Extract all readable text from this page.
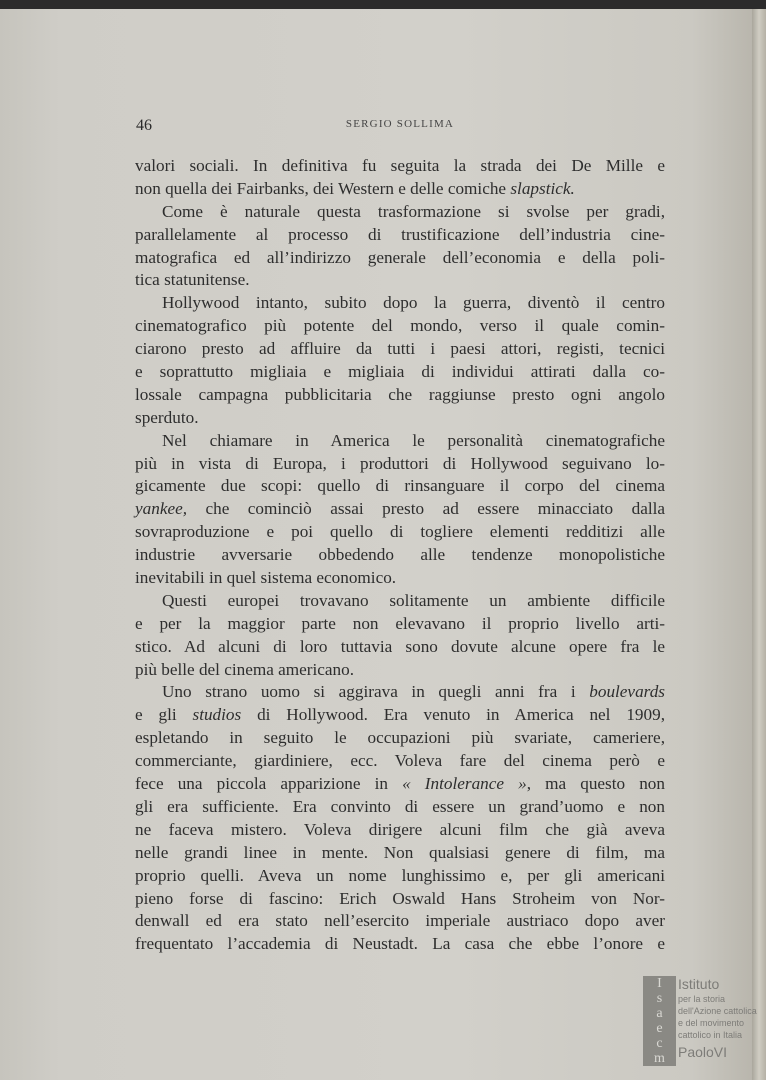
46	SERGIO SOLLIMA
valori sociali. In definitiva fu seguita la strada dei De Mille e
non quella dei Fairbanks, dei Western e delle comiche slapstick.
Come è naturale questa trasformazione si svolse per gradi,
parallelamente al processo di trustificazione dell’industria cine-
matografica ed all’indirizzo generale dell’economia e della poli-
tica statunitense.
Hollywood intanto, subito dopo la guerra, diventò il centro
cinematografico più potente del mondo, verso il quale comin-
ciarono presto ad affluire da tutti i paesi attori, registi, tecnici
e soprattutto migliaia e migliaia di individui attirati dalla co-
lossale campagna pubblicitaria che raggiunse presto ogni angolo
sperduto.
Nel chiamare in America le personalità cinematografiche
più in vista di Europa, i produttori di Hollywood seguivano lo-
gicamente due scopi: quello di rinsanguare il corpo del cinema
yankee, che cominciò assai presto ad essere minacciato dalla
sovraproduzione e poi quello di togliere elementi redditizi alle
industrie avversarie obbedendo alle tendenze monopolistiche
inevitabili in quel sistema economico.
Questi europei trovavano solitamente un ambiente difficile
e per la maggior parte non elevavano il proprio livello arti-
stico. Ad alcuni di loro tuttavia sono dovute alcune opere fra le
più belle del cinema americano.
Uno strano uomo si aggirava in quegli anni fra i boulevards
e gli studios di Hollywood. Era venuto in America nel 1909,
espletando in seguito le occupazioni più svariate, cameriere,
commerciante, giardiniere, ecc. Voleva fare del cinema però e
fece una piccola apparizione in « Intolerance », ma questo non
gli era sufficiente. Era convinto di essere un grand’uomo e non
ne faceva mistero. Voleva dirigere alcuni film che già aveva
nelle grandi linee in mente. Non qualsiasi genere di film, ma
proprio quelli. Aveva un nome lunghissimo e, per gli americani
pieno forse di fascino: Erich Oswald Hans Stroheim von Nor-
denwall ed era stato nell’esercito imperiale austriaco dopo aver
frequentato l’accademia di Neustadt. La casa che ebbe l’onore e
I
s
a
e
c
m
Istituto
per la storia
dell'Azione cattolica
e del movimento
cattolico in Italia
PaoloVI
